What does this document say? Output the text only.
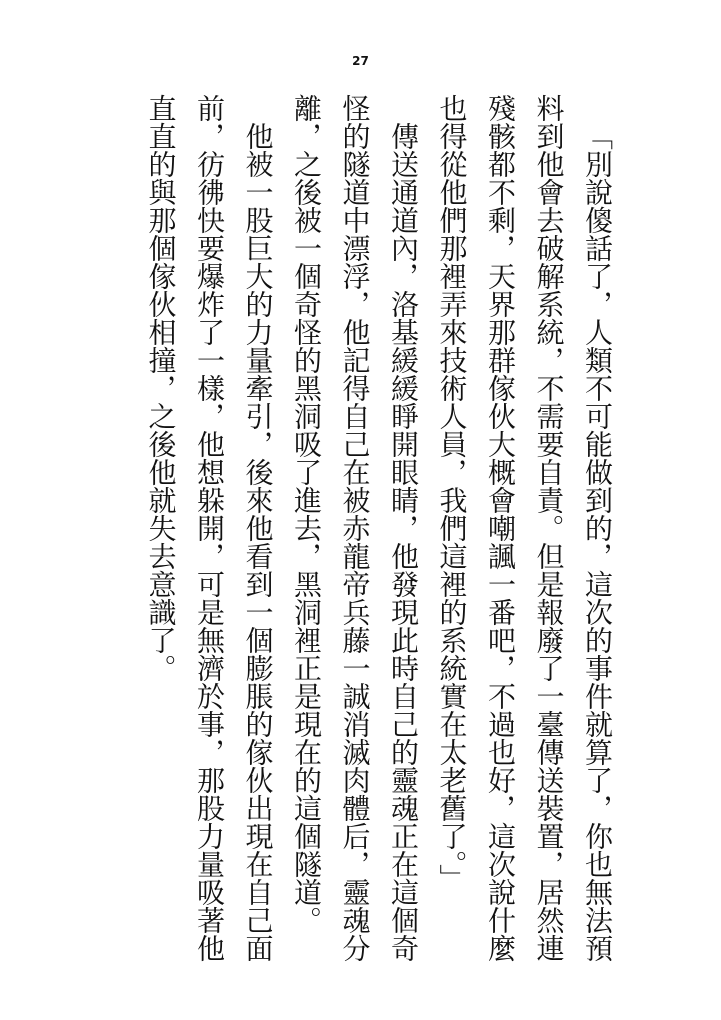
27

「別說傻話了，人類不可能做到的，這次的事件就算了，你也無法預料到他會去破解系統，不需要自責。但是報廢了一臺傳送裝置，居然連殘骸都不剩，天界那群傢伙大概會嘲諷一番吧，不過也好，這次說什麼也得從他們那裡弄來技術人員，我們這裡的系統實在太老舊了。」

傳送通道內，洛基緩緩睜開眼睛，他發現此時自己的靈魂正在這個奇怪的隧道中漂浮，他記得自己在被赤龍帝兵藤一誠消滅肉體后，靈魂分離，之後被一個奇怪的黑洞吸了進去，黑洞裡正是現在的這個隧道。

他被一股巨大的力量牽引，後來他看到一個膨脹的傢伙出現在自己面前，彷彿快要爆炸了一樣，他想躲開，可是無濟於事，那股力量吸著他直直的與那個傢伙相撞，之後他就失去意識了。
